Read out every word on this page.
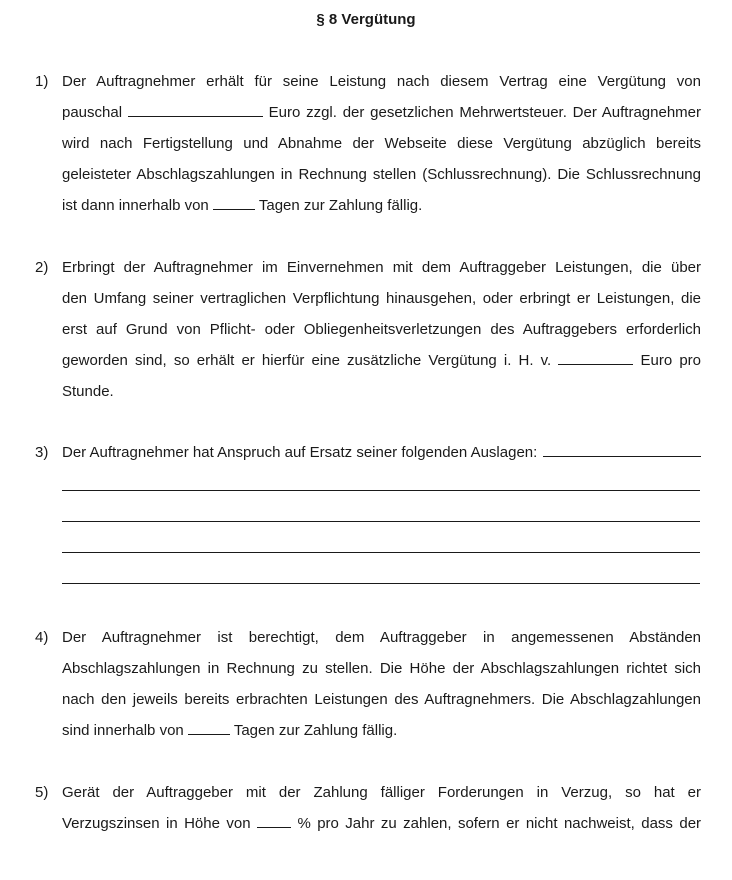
§ 8 Vergütung
1) Der Auftragnehmer erhält für seine Leistung nach diesem Vertrag eine Vergütung von
pauschal	Euro zzgl. der gesetzlichen Mehrwertsteuer. Der Auftragnehmer
wird nach Fertigstellung und Abnahme der Webseite diese Vergütung abzüglich bereits
geleisteter Abschlagszahlungen in Rechnung stellen (Schlussrechnung). Die Schlussrechnung
ist dann innerhalb von	Tagen zur Zahlung fällig.
2) Erbringt der Auftragnehmer im Einvernehmen mit dem Auftraggeber Leistungen, die über
den Umfang seiner vertraglichen Verpflichtung hinausgehen, oder erbringt er Leistungen, die
erst auf Grund von Pflicht- oder Obliegenheitsverletzungen des Auftraggebers erforderlich
geworden sind, so erhält er hierfür eine zusätzliche Vergütung i. H. v.	Euro pro
Stunde.
3) Der Auftragnehmer hat Anspruch auf Ersatz seiner folgenden Auslagen:
4) Der Auftragnehmer ist berechtigt, dem Auftraggeber in angemessenen Abständen
Abschlagszahlungen in Rechnung zu stellen. Die Höhe der Abschlagszahlungen richtet sich
nach den jeweils bereits erbrachten Leistungen des Auftragnehmers. Die Abschlagzahlungen
sind innerhalb von	Tagen zur Zahlung fällig.
5) Gerät der Auftraggeber mit der Zahlung fälliger Forderungen in Verzug, so hat er
Verzugszinsen in Höhe von	% pro Jahr zu zahlen, sofern er nicht nachweist, dass der
